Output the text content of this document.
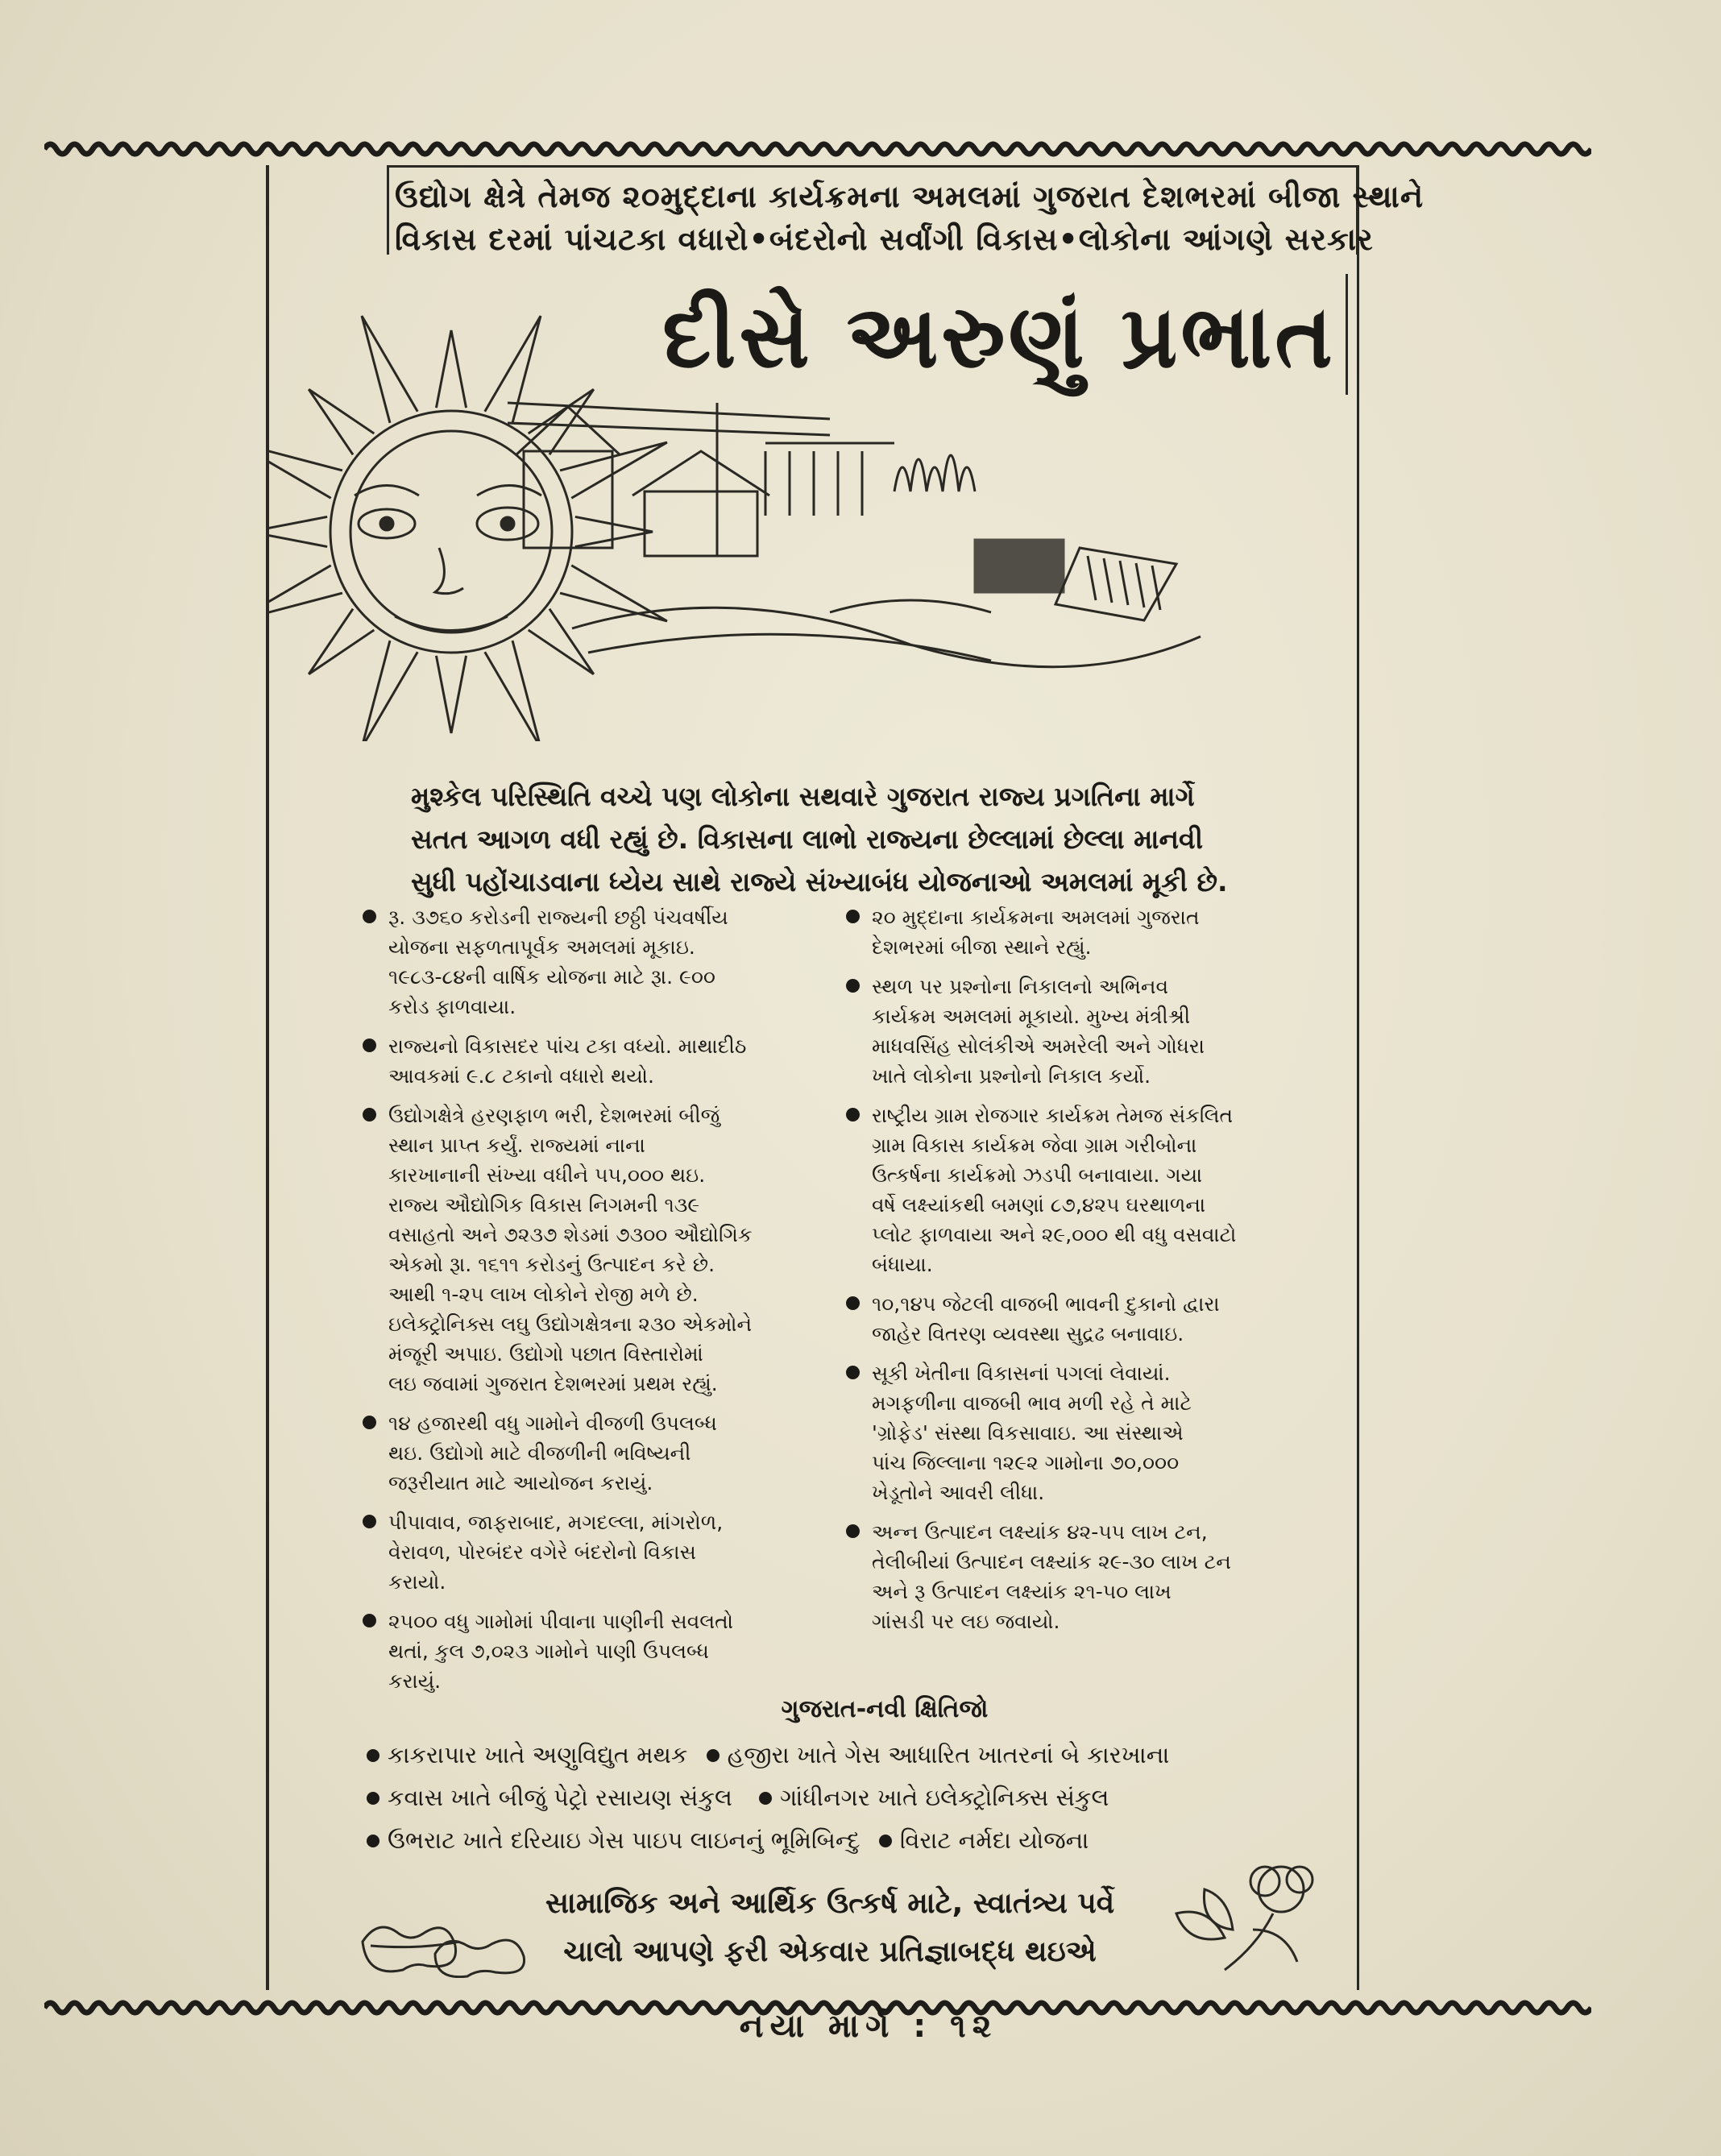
ઉદ્યોગ ક્ષેત્રે તેમજ ૨૦મુદ્દાના કાર્યક્રમના અમલમાં ગુજરાત દેશભરમાં બીજા સ્થાને
વિકાસ દરમાં પાંચટકા વધારો•બંદરોનો સર્વાંગી વિકાસ•લોકોના આંગણે સરકાર
દીસે અરુણું પ્રભાત
મુશ્કેલ પરિસ્થિતિ વચ્ચે પણ લોકોના સથવારે ગુજરાત રાજ્ય પ્રગતિના માર્ગે
સતત આગળ વધી રહ્યું છે. વિકાસના લાભો રાજ્યના છેલ્લામાં છેલ્લા માનવી
સુધી પહોંચાડવાના ધ્યેય સાથે રાજ્યે સંખ્યાબંધ યોજનાઓ અમલમાં મૂકી છે.
રૂ. ૩૭૬૦ કરોડની રાજ્યની છઠ્ઠી પંચવર્ષીય
યોજના સફળતાપૂર્વક અમલમાં મૂકાઇ.
૧૯૮૩-૮૪ની વાર્ષિક યોજના માટે રૂા. ૯૦૦
કરોડ ફાળવાયા.
રાજ્યનો વિકાસદર પાંચ ટકા વધ્યો. માથાદીઠ
આવકમાં ૯.૮ ટકાનો વધારો થયો.
ઉદ્યોગક્ષેત્રે હરણફાળ ભરી, દેશભરમાં બીજું
સ્થાન પ્રાપ્ત કર્યું. રાજ્યમાં નાના
કારખાનાની સંખ્યા વધીને ૫૫,૦૦૦ થઇ.
રાજ્ય ઔદ્યોગિક વિકાસ નિગમની ૧૩૯
વસાહતો અને ૭૨૩૭ શેડમાં ૭૩૦૦ ઔદ્યોગિક
એકમો રૂા. ૧૬૧૧ કરોડનું ઉત્પાદન કરે છે.
આથી ૧-૨૫ લાખ લોકોને રોજી મળે છે.
ઇલેક્ટ્રોનિક્સ લઘુ ઉદ્યોગક્ષેત્રના ૨૩૦ એકમોને
મંજૂરી અપાઇ. ઉદ્યોગો પછાત વિસ્તારોમાં
લઇ જવામાં ગુજરાત દેશભરમાં પ્રથમ રહ્યું.
૧૪ હજારથી વધુ ગામોને વીજળી ઉપલબ્ધ
થઇ. ઉદ્યોગો માટે વીજળીની ભવિષ્યની
જરૂરીયાત માટે આયોજન કરાયું.
પીપાવાવ, જાફરાબાદ, મગદલ્લા, માંગરોળ,
વેરાવળ, પોરબંદર વગેરે બંદરોનો વિકાસ
કરાયો.
૨૫૦૦ વધુ ગામોમાં પીવાના પાણીની સવલતો
થતાં, કુલ ૭,૦૨૩ ગામોને પાણી ઉપલબ્ધ
કરાયું.
૨૦ મુદ્દાના કાર્યક્રમના અમલમાં ગુજરાત
દેશભરમાં બીજા સ્થાને રહ્યું.
સ્થળ પર પ્રશ્નોના નિકાલનો અભિનવ
કાર્યક્રમ અમલમાં મૂકાયો. મુખ્ય મંત્રીશ્રી
માધવસિંહ સોલંકીએ અમરેલી અને ગોધરા
ખાતે લોકોના પ્રશ્નોનો નિકાલ કર્યો.
રાષ્ટ્રીય ગ્રામ રોજગાર કાર્યક્રમ તેમજ સંકલિત
ગ્રામ વિકાસ કાર્યક્રમ જેવા ગ્રામ ગરીબોના
ઉત્કર્ષના કાર્યક્રમો ઝડપી બનાવાયા. ગયા
વર્ષે લક્ષ્યાંકથી બમણાં ૮૭,૪૨૫ ઘરથાળના
પ્લોટ ફાળવાયા અને ૨૯,૦૦૦ થી વધુ વસવાટો
બંધાયા.
૧૦,૧૪૫ જેટલી વાજબી ભાવની દુકાનો દ્વારા
જાહેર વિતરણ વ્યવસ્થા સુદ્રઢ બનાવાઇ.
સૂકી ખેતીના વિકાસનાં પગલાં લેવાયાં.
મગફળીના વાજબી ભાવ મળી રહે તે માટે
'ગ્રોફેડ' સંસ્થા વિકસાવાઇ. આ સંસ્થાએ
પાંચ જિલ્લાના ૧૨૯૨ ગામોના ૭૦,૦૦૦
ખેડૂતોને આવરી લીધા.
અન્ન ઉત્પાદન લક્ષ્યાંક ૪૨-૫૫ લાખ ટન,
તેલીબીયાં ઉત્પાદન લક્ષ્યાંક ૨૯-૩૦ લાખ ટન
અને રૂ ઉત્પાદન લક્ષ્યાંક ૨૧-૫૦ લાખ
ગાંસડી પર લઇ જવાયો.
ગુજરાત-નવી ક્ષિતિજો
કાકરાપાર ખાતે અણુવિદ્યુત મથક હજીરા ખાતે ગેસ આધારિત ખાતરનાં બે કારખાના
કવાસ ખાતે બીજું પેટ્રો રસાયણ સંકુલ ગાંધીનગર ખાતે ઇલેક્ટ્રોનિક્સ સંકુલ
ઉભરાટ ખાતે દરિયાઇ ગેસ પાઇપ લાઇનનું ભૂમિબિન્દુ વિરાટ નર્મદા યોજના
સામાજિક અને આર્થિક ઉત્કર્ષ માટે, સ્વાતંત્ર્ય પર્વે
ચાલો આપણે ફરી એકવાર પ્રતિજ્ઞાબદ્ધ થઇએ
નયા માર્ગ : ૧૨
